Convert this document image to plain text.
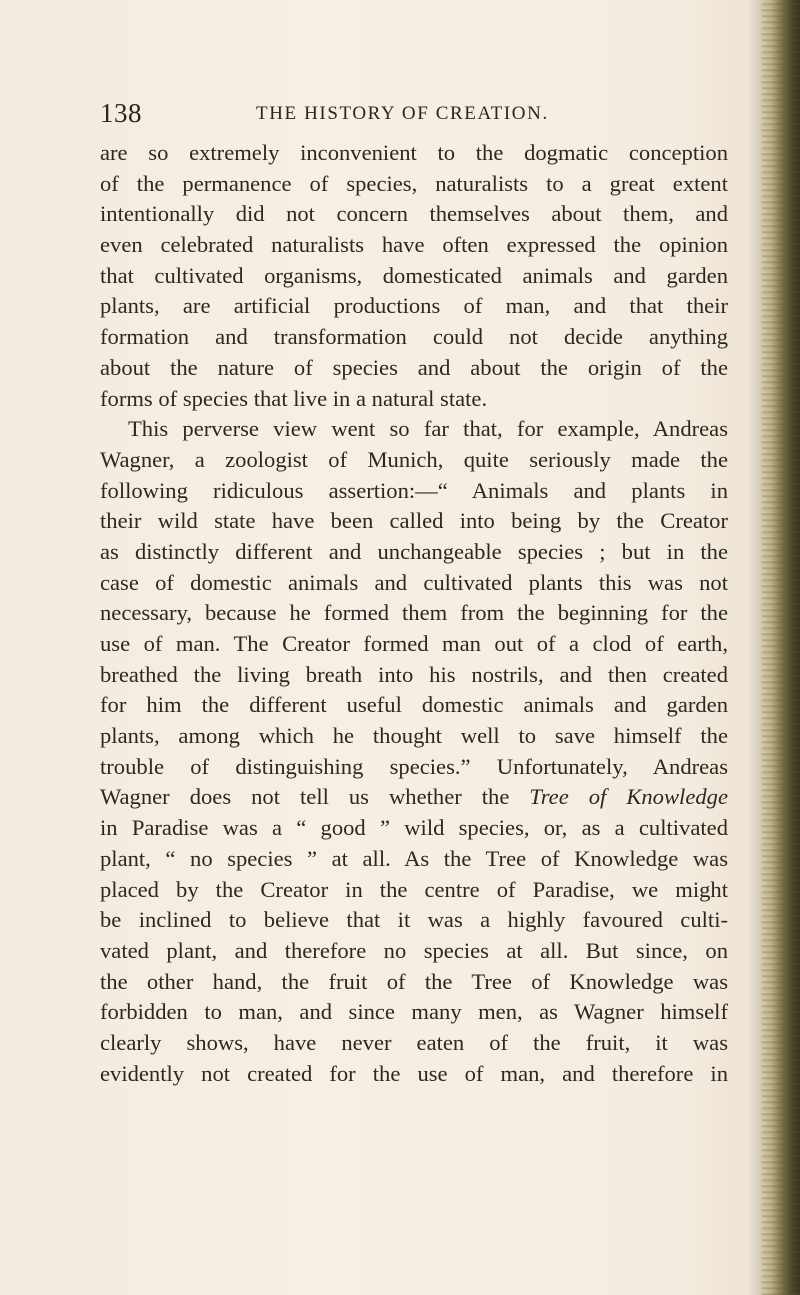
138	THE HISTORY OF CREATION.
are so extremely inconvenient to the dogmatic conception
of the permanence of species, naturalists to a great extent
intentionally did not concern themselves about them, and
even celebrated naturalists have often expressed the opinion
that cultivated organisms, domesticated animals and garden
plants, are artificial productions of man, and that their
formation and transformation could not decide anything
about the nature of species and about the origin of the
forms of species that live in a natural state.
This perverse view went so far that, for example, Andreas
Wagner, a zoologist of Munich, quite seriously made the
following ridiculous assertion:—“ Animals and plants in
their wild state have been called into being by the Creator
as distinctly different and unchangeable species ; but in the
case of domestic animals and cultivated plants this was not
necessary, because he formed them from the beginning for the
use of man. The Creator formed man out of a clod of earth,
breathed the living breath into his nostrils, and then created
for him the different useful domestic animals and garden
plants, among which he thought well to save himself the
trouble of distinguishing species.” Unfortunately, Andreas
Wagner does not tell us whether the Tree of Knowledge
in Paradise was a “ good ” wild species, or, as a cultivated
plant, “ no species ” at all. As the Tree of Knowledge was
placed by the Creator in the centre of Paradise, we might
be inclined to believe that it was a highly favoured culti-
vated plant, and therefore no species at all. But since, on
the other hand, the fruit of the Tree of Knowledge was
forbidden to man, and since many men, as Wagner himself
clearly shows, have never eaten of the fruit, it was
evidently not created for the use of man, and therefore in
